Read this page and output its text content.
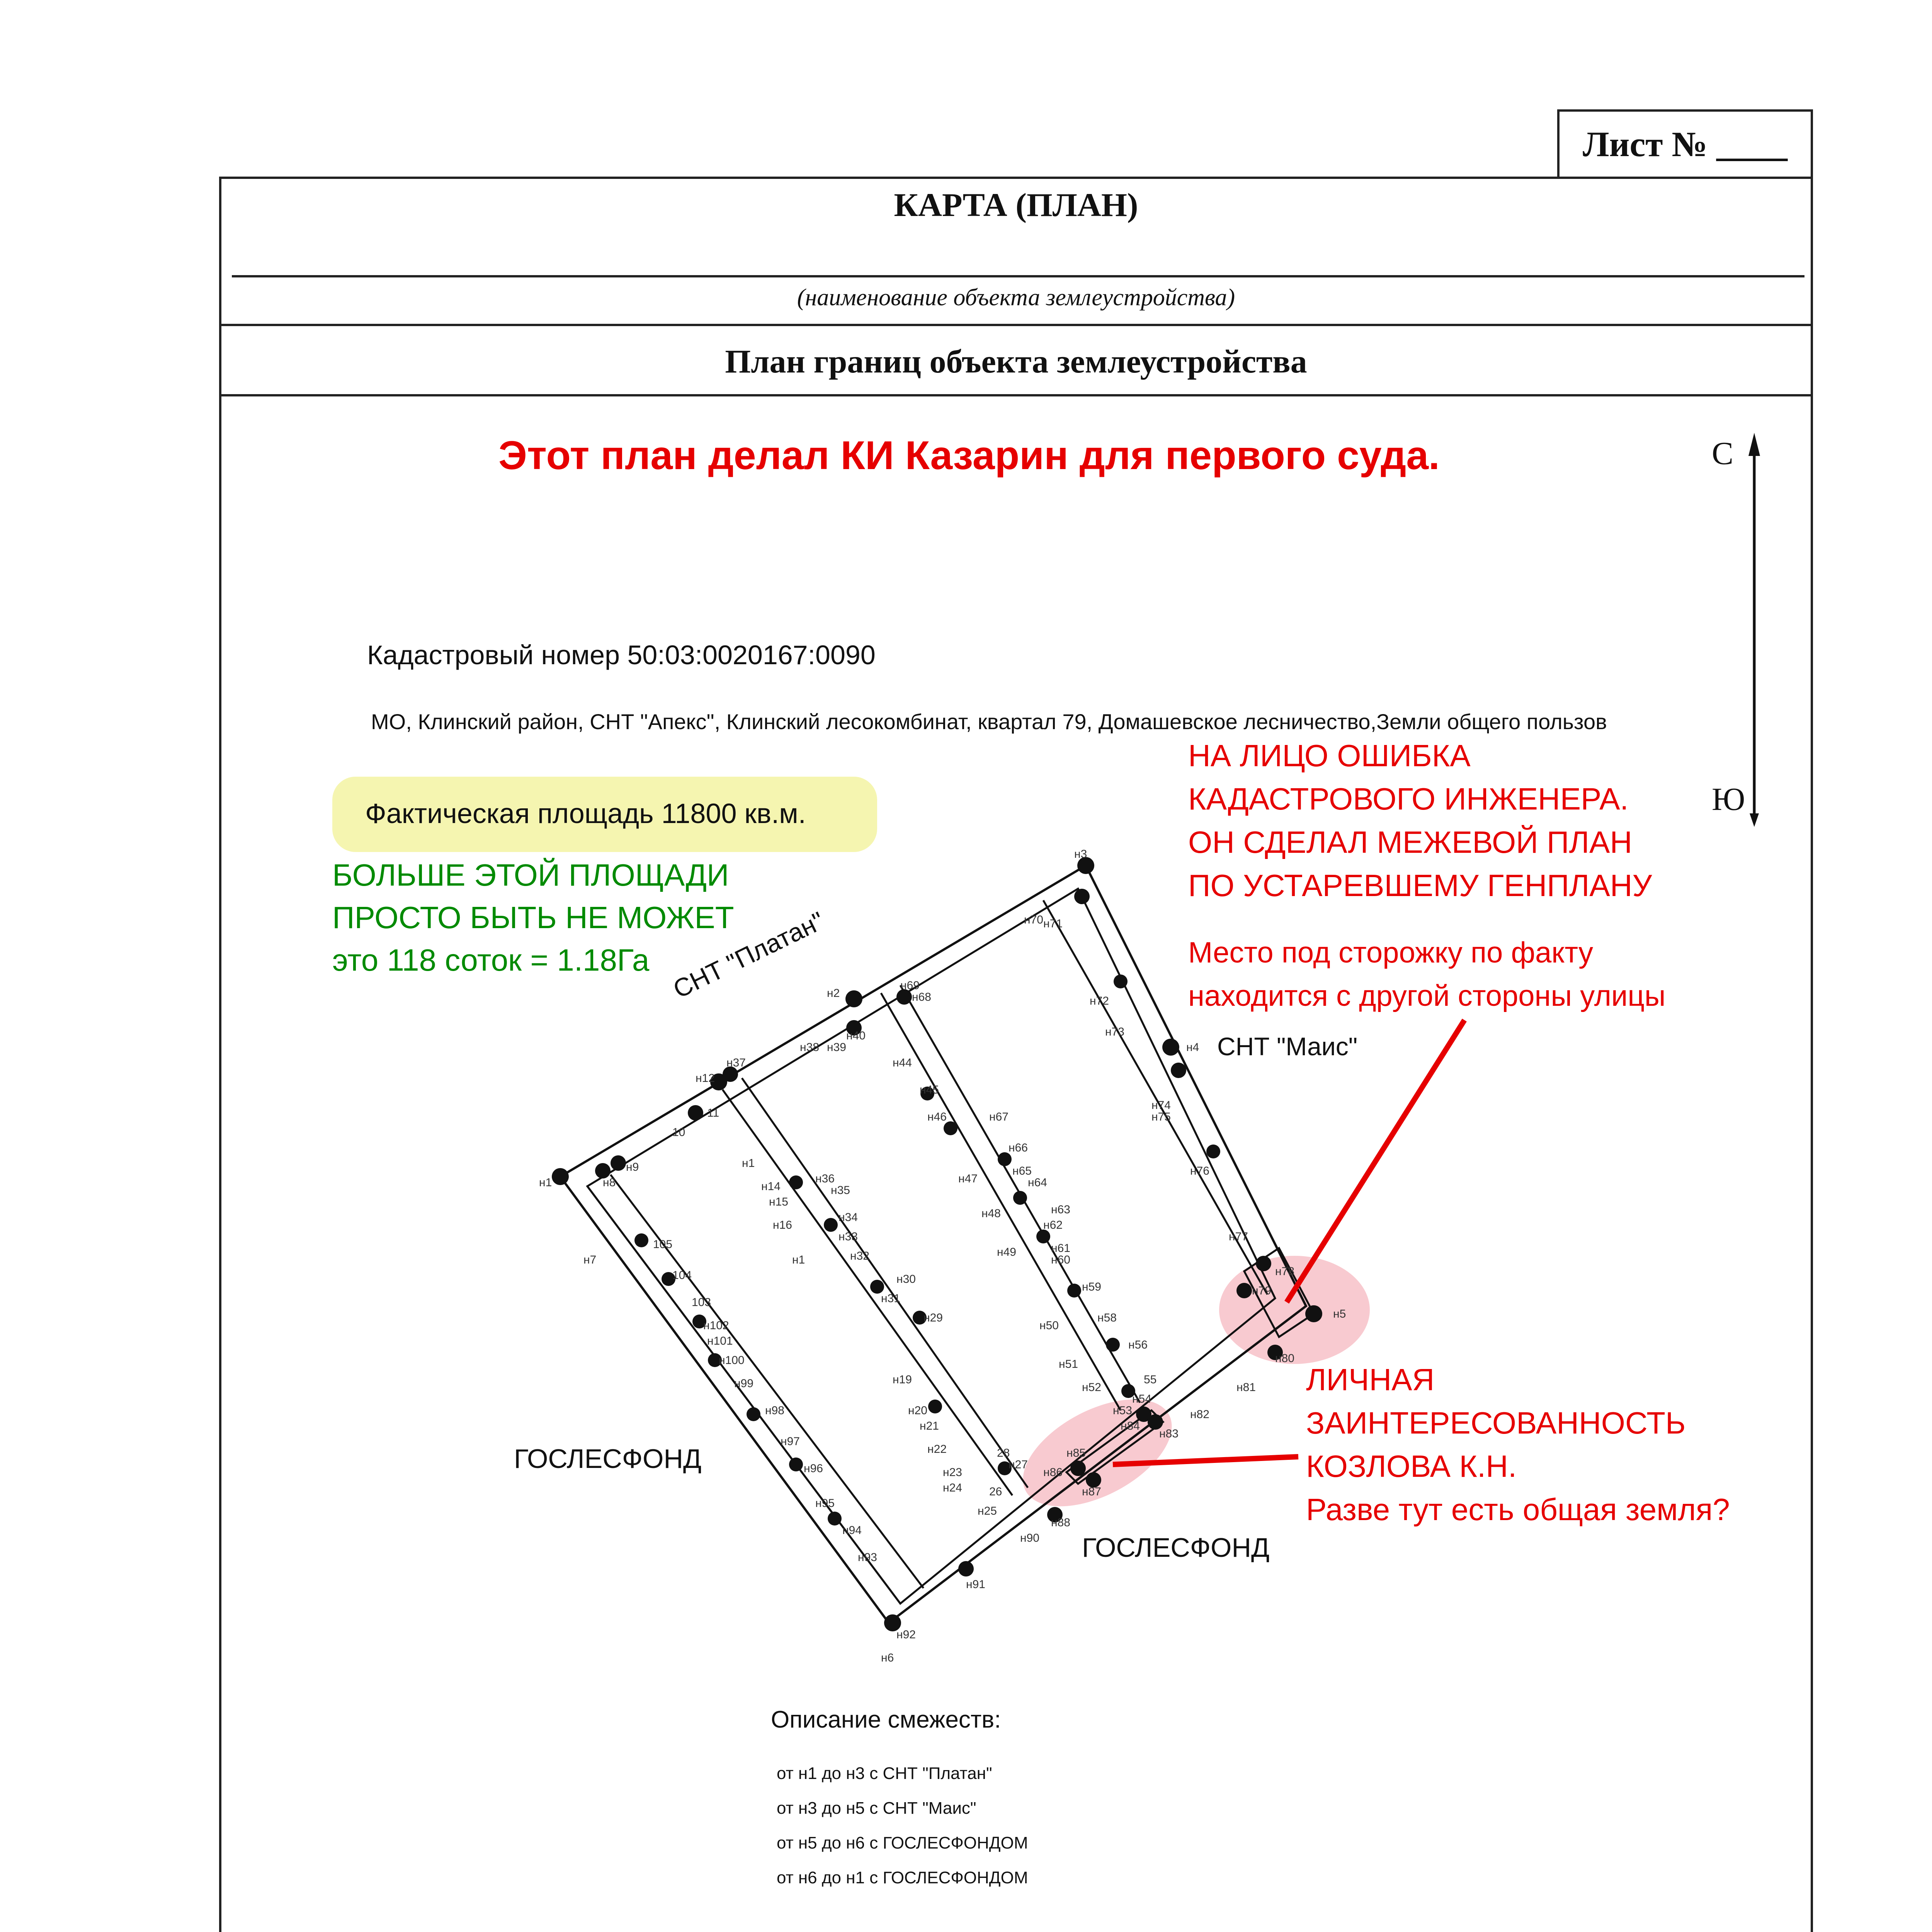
Лист № ____
КАРТА (ПЛАН)
(наименование объекта землеустройства)
План границ объекта землеустройства
Этот план делал КИ Казарин для первого суда.	С
Ю
Кадастровый номер 50:03:0020167:0090
МО, Клинский район, СНТ "Апекс", Клинский лесокомбинат, квартал 79, Домашевское лесничество,Земли общего пользов
Фактическая площадь 11800 кв.м.
БОЛЬШЕ ЭТОЙ ПЛОЩАДИ
ПРОСТО БЫТЬ НЕ МОЖЕТ
это 118 соток = 1.18Га
НА ЛИЦО ОШИБКА
КАДАСТРОВОГО ИНЖЕНЕРА.
ОН СДЕЛАЛ МЕЖЕВОЙ ПЛАН
ПО УСТАРЕВШЕМУ ГЕНПЛАНУ
Место под сторожку по факту
находится с другой стороны улицы
ЛИЧНАЯ
ЗАИНТЕРЕСОВАННОСТЬ
КОЗЛОВА К.Н.
Разве тут есть общая земля?
н1
н3
н4
н5
н6
н7
н2
н12
н37
н38 н39
н40
н8
н9
10
11
н71
н72
н73
н74
н75
н76
н77
н78
н79
н80
н81
н82
н83
н84
н85
н86
н87
н88
н90
н91
н92
н93
н94
н95
н96
н97
н98
н99
н100
н101
н102
103
104
105
н44
н45
н46
н47
н48
н49
н50
н51
н52
н53
н54
55
н56
н58
н59
н60
н61
н62
н63
н64
н65
н66
н67
н68
н69
н70
н1
н14
н15
н16
н1
н19
н20
н21
н22
н23
н24
н25
26
н27
28
н29
н30
н31
н32
н33
н34
н35
н36
СНТ "Платан"
СНТ "Маис"
ГОСЛЕСФОНД
ГОСЛЕСФОНД
Описание смежеств:
от н1 до н3 с СНТ "Платан"
от н3 до н5 с СНТ "Маис"
от н5 до н6 с ГОСЛЕСФОНДОМ
от н6 до н1 с ГОСЛЕСФОНДОМ
